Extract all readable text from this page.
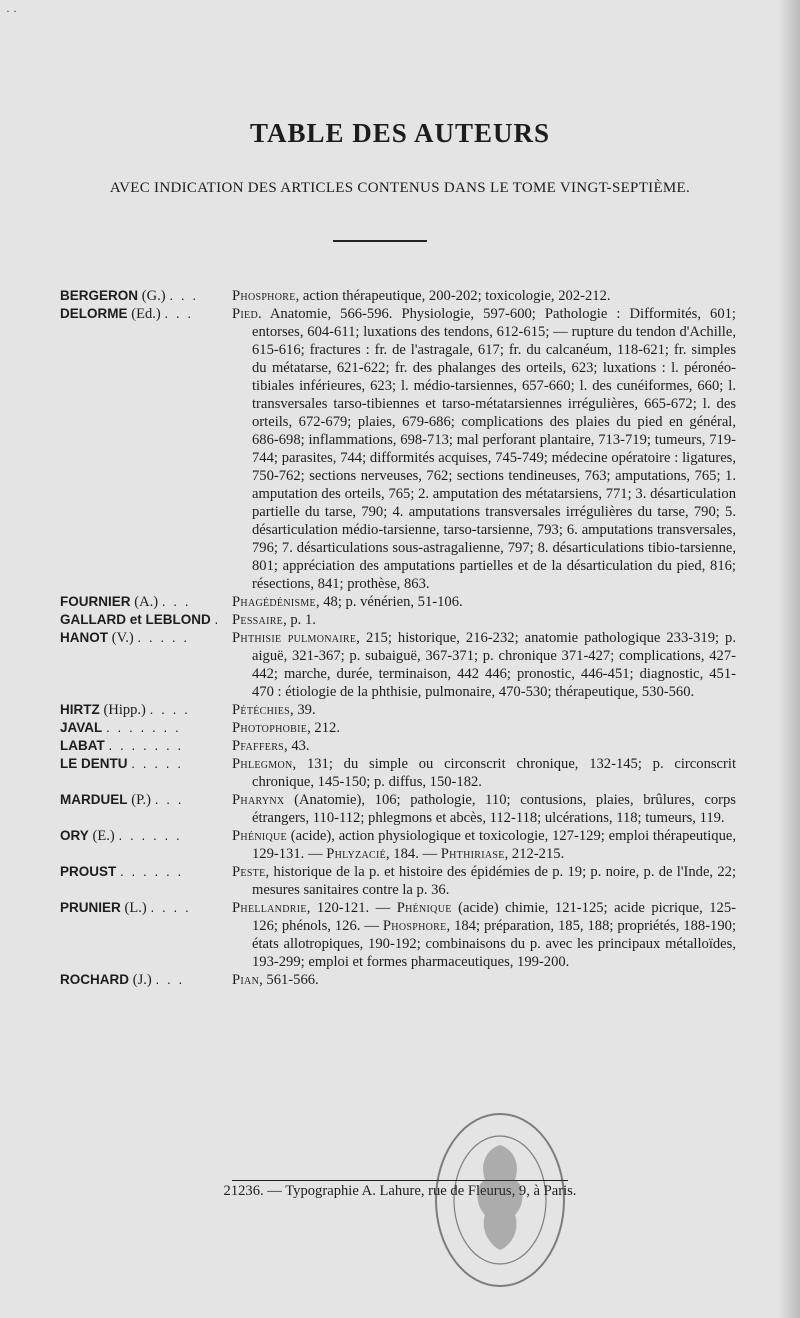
· ·
TABLE DES AUTEURS
AVEC INDICATION DES ARTICLES CONTENUS DANS LE TOME VINGT-SEPTIÈME.
BERGERON (G.) . . .	Phosphore, action thérapeutique, 200-202; toxicologie, 202-212.
DELORME (Ed.) . . .	Pied. Anatomie, 566-596. Physiologie, 597-600; Pathologie : Difformités, 601; entorses, 604-611; luxations des tendons, 612-615; — rupture du tendon d'Achille, 615-616; fractures : fr. de l'astragale, 617; fr. du calcanéum, 118-621; fr. simples du métatarse, 621-622; fr. des phalanges des orteils, 623; luxations : l. péronéo-tibiales inférieures, 623; l. médio-tarsiennes, 657-660; l. des cunéiformes, 660; l. transversales tarso-tibiennes et tarso-métatarsiennes irrégulières, 665-672; l. des orteils, 672-679; plaies, 679-686; complications des plaies du pied en général, 686-698; inflammations, 698-713; mal perforant plantaire, 713-719; tumeurs, 719-744; parasites, 744; difformités acquises, 745-749; médecine opératoire : ligatures, 750-762; sections nerveuses, 762; sections tendineuses, 763; amputations, 765; 1. amputation des orteils, 765; 2. amputation des métatarsiens, 771; 3. désarticulation partielle du tarse, 790; 4. amputations transversales irrégulières du tarse, 790; 5. désarticulation médio-tarsienne, tarso-tarsienne, 793; 6. amputations transversales, 796; 7. désarticulations sous-astragalienne, 797; 8. désarticulations tibio-tarsienne, 801; appréciation des amputations partielles et de la désarticulation du pied, 816; résections, 841; prothèse, 863.
FOURNIER (A.) . . .	Phagédénisme, 48; p. vénérien, 51-106.
GALLARD et LEBLOND . Pessaire, p. 1.
HANOT (V.) . . . . .	Phthisie pulmonaire, 215; historique, 216-232; anatomie pathologique 233-319; p. aiguë, 321-367; p. subaiguë, 367-371; p. chronique 371-427; complications, 427-442; marche, durée, terminaison, 442 446; pronostic, 446-451; diagnostic, 451-470 : étiologie de la phthisie, pulmonaire, 470-530; thérapeutique, 530-560.
HIRTZ (Hipp.) . . . .	Pétéchies, 39.
JAVAL . . . . . . .	Photophobie, 212.
LABAT . . . . . . .	Pfaffers, 43.
LE DENTU . . . . .	Phlegmon, 131; du simple ou circonscrit chronique, 132-145; p. circonscrit chronique, 145-150; p. diffus, 150-182.
MARDUEL (P.) . . .	Pharynx (Anatomie), 106; pathologie, 110; contusions, plaies, brûlures, corps étrangers, 110-112; phlegmons et abcès, 112-118; ulcérations, 118; tumeurs, 119.
ORY (E.) . . . . . .	Phénique (acide), action physiologique et toxicologie, 127-129; emploi thérapeutique, 129-131. — Phlyzacié, 184. — Phthiriase, 212-215.
PROUST . . . . . .	Peste, historique de la p. et histoire des épidémies de p. 19; p. noire, p. de l'Inde, 22; mesures sanitaires contre la p. 36.
PRUNIER (L.) . . . .	Phellandrie, 120-121. — Phénique (acide) chimie, 121-125; acide picrique, 125-126; phénols, 126. — Phosphore, 184; préparation, 185, 188; propriétés, 188-190; états allotropiques, 190-192; combinaisons du p. avec les principaux métalloïdes, 193-299; emploi et formes pharmaceutiques, 199-200.
ROCHARD (J.) . . .	Pian, 561-566.
21236. — Typographie A. Lahure, rue de Fleurus, 9, à Paris.
